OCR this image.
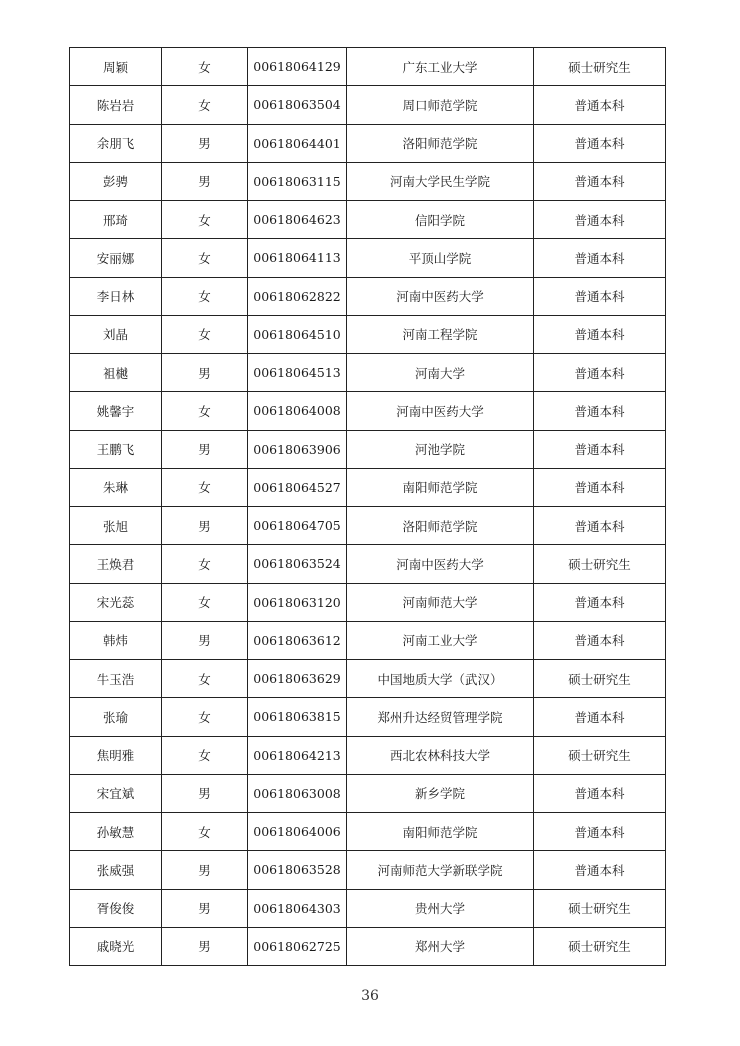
周颖	女	00618064129	广东工业大学	硕士研究生
陈岩岩	女	00618063504	周口师范学院	普通本科
余朋飞	男	00618064401	洛阳师范学院	普通本科
彭骋	男	00618063115	河南大学民生学院	普通本科
邢琦	女	00618064623	信阳学院	普通本科
安丽娜	女	00618064113	平顶山学院	普通本科
李日林	女	00618062822	河南中医药大学	普通本科
刘晶	女	00618064510	河南工程学院	普通本科
袓樾	男	00618064513	河南大学	普通本科
姚馨宇	女	00618064008	河南中医药大学	普通本科
王鹏飞	男	00618063906	河池学院	普通本科
朱琳	女	00618064527	南阳师范学院	普通本科
张旭	男	00618064705	洛阳师范学院	普通本科
王焕君	女	00618063524	河南中医药大学	硕士研究生
宋光蕊	女	00618063120	河南师范大学	普通本科
韩炜	男	00618063612	河南工业大学	普通本科
牛玉浩	女	00618063629	中国地质大学（武汉）	硕士研究生
张瑜	女	00618063815	郑州升达经贸管理学院	普通本科
焦明雅	女	00618064213	西北农林科技大学	硕士研究生
宋宜斌	男	00618063008	新乡学院	普通本科
孙敏慧	女	00618064006	南阳师范学院	普通本科
张威强	男	00618063528	河南师范大学新联学院	普通本科
胥俊俊	男	00618064303	贵州大学	硕士研究生
戚晓光	男	00618062725	郑州大学	硕士研究生
36
